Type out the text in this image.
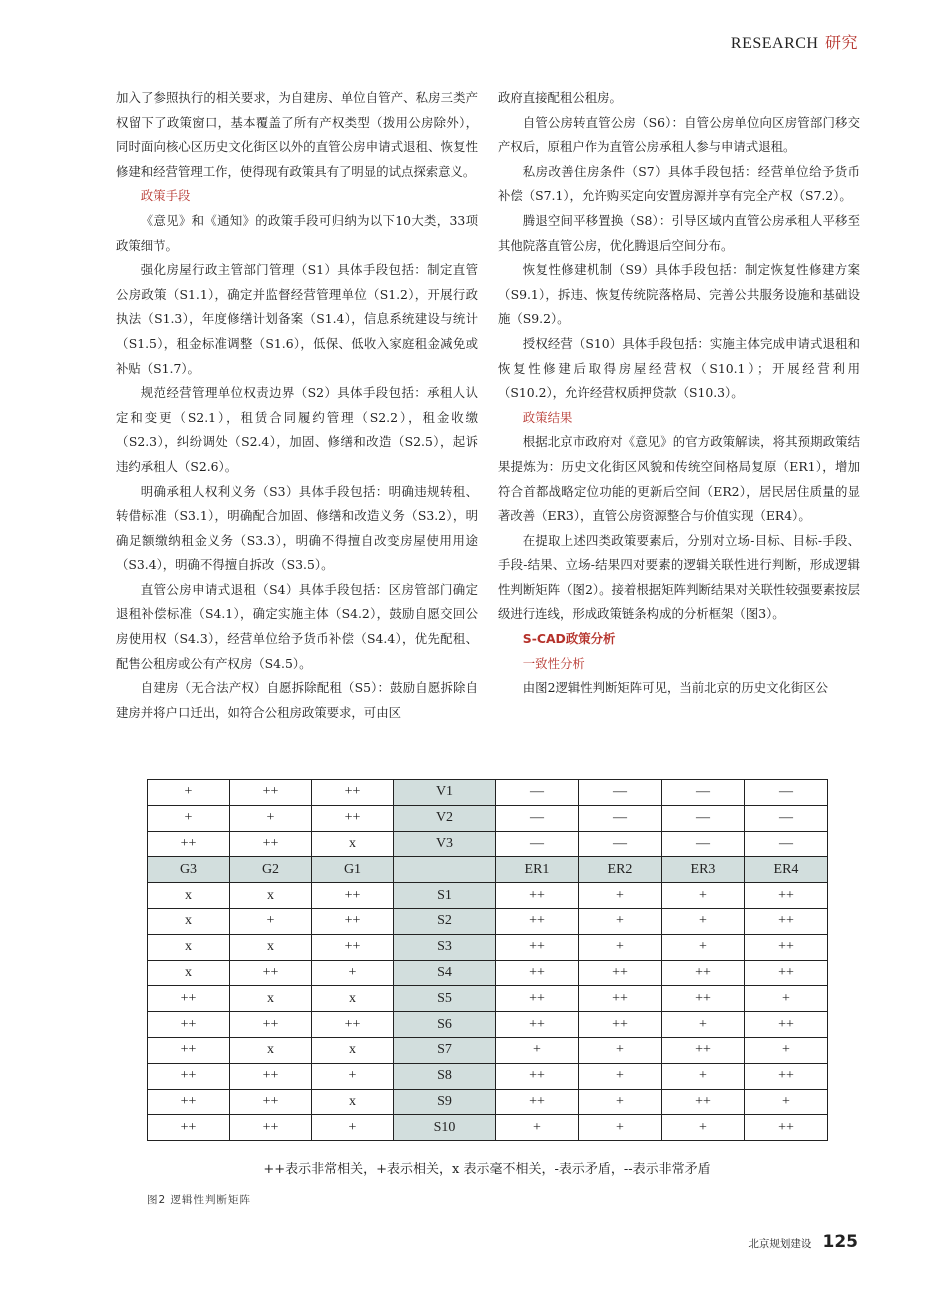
RESEARCH 研究

加入了参照执行的相关要求，为自建房、单位自管产、私房三类产权留下了政策窗口，基本覆盖了所有产权类型（拨用公房除外），同时面向核心区历史文化街区以外的直管公房申请式退租、恢复性修建和经营管理工作，使得现有政策具有了明显的试点探索意义。

政策手段

《意见》和《通知》的政策手段可归纳为以下10大类，33项政策细节。

强化房屋行政主管部门管理（S1）具体手段包括：制定直管公房政策（S1.1），确定并监督经营管理单位（S1.2），开展行政执法（S1.3），年度修缮计划备案（S1.4），信息系统建设与统计（S1.5），租金标准调整（S1.6），低保、低收入家庭租金减免或补贴（S1.7）。

规范经营管理单位权责边界（S2）具体手段包括：承租人认定和变更（S2.1），租赁合同履约管理（S2.2），租金收缴（S2.3），纠纷调处（S2.4），加固、修缮和改造（S2.5），起诉违约承租人（S2.6）。

明确承租人权利义务（S3）具体手段包括：明确违规转租、转借标准（S3.1），明确配合加固、修缮和改造义务（S3.2），明确足额缴纳租金义务（S3.3），明确不得擅自改变房屋使用用途（S3.4），明确不得擅自拆改（S3.5）。

直管公房申请式退租（S4）具体手段包括：区房管部门确定退租补偿标准（S4.1），确定实施主体（S4.2），鼓励自愿交回公房使用权（S4.3），经营单位给予货币补偿（S4.4），优先配租、配售公租房或公有产权房（S4.5）。

自建房（无合法产权）自愿拆除配租（S5）：鼓励自愿拆除自建房并将户口迁出，如符合公租房政策要求，可由区

政府直接配租公租房。

自管公房转直管公房（S6）：自管公房单位向区房管部门移交产权后，原租户作为直管公房承租人参与申请式退租。

私房改善住房条件（S7）具体手段包括：经营单位给予货币补偿（S7.1），允许购买定向安置房源并享有完全产权（S7.2）。

腾退空间平移置换（S8）：引导区域内直管公房承租人平移至其他院落直管公房，优化腾退后空间分布。

恢复性修建机制（S9）具体手段包括：制定恢复性修建方案（S9.1），拆违、恢复传统院落格局、完善公共服务设施和基础设施（S9.2）。

授权经营（S10）具体手段包括：实施主体完成申请式退租和恢复性修建后取得房屋经营权（S10.1）；开展经营利用（S10.2），允许经营权质押贷款（S10.3）。

政策结果

根据北京市政府对《意见》的官方政策解读，将其预期政策结果提炼为：历史文化街区风貌和传统空间格局复原（ER1），增加符合首都战略定位功能的更新后空间（ER2），居民居住质量的显著改善（ER3），直管公房资源整合与价值实现（ER4）。

在提取上述四类政策要素后，分别对立场-目标、目标-手段、手段-结果、立场-结果四对要素的逻辑关联性进行判断，形成逻辑性判断矩阵（图2）。接着根据矩阵判断结果对关联性较强要素按层级进行连线，形成政策链条构成的分析框架（图3）。

S-CAD政策分析

一致性分析

由图2逻辑性判断矩阵可见，当前北京的历史文化街区公

+	++	++	V1	—	—	—	—
+	+	++	V2	—	—	—	—
++	++	x	V3	—	—	—	—
G3	G2	G1		ER1	ER2	ER3	ER4
x	x	++	S1	++	+	+	++
x	+	++	S2	++	+	+	++
x	x	++	S3	++	+	+	++
x	++	+	S4	++	++	++	++
++	x	x	S5	++	++	++	+
++	++	++	S6	++	++	+	++
++	x	x	S7	+	+	++	+
++	++	+	S8	++	+	+	++
++	++	x	S9	++	+	++	+
++	++	+	S10	+	+	+	++
++表示非常相关，+表示相关，x 表示毫不相关，-表示矛盾，--表示非常矛盾
图2 逻辑性判断矩阵
北京规划建设 125
